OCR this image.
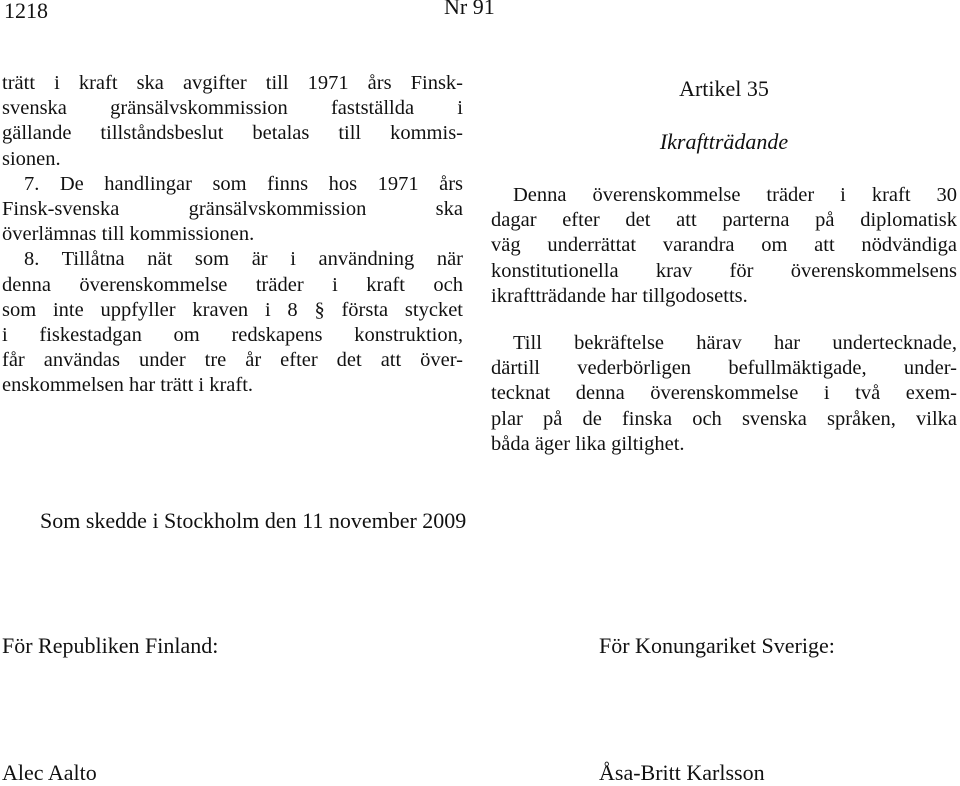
1218	Nr 91
trätt i kraft ska avgifter till 1971 års Finsk-
svenska gränsälvskommission fastställda i
gällande tillståndsbeslut betalas till kommis-
sionen.
7. De handlingar som finns hos 1971 års
Finsk-svenska gränsälvskommission ska
överlämnas till kommissionen.
8. Tillåtna nät som är i användning när
denna överenskommelse träder i kraft och
som inte uppfyller kraven i 8 § första stycket
i fiskestadgan om redskapens konstruktion,
får användas under tre år efter det att över-
enskommelsen har trätt i kraft.
Artikel 35
Ikraftträdande
Denna överenskommelse träder i kraft 30
dagar efter det att parterna på diplomatisk
väg underrättat varandra om att nödvändiga
konstitutionella krav för överenskommelsens
ikraftträdande har tillgodosetts.
Till bekräftelse härav har undertecknade,
därtill vederbörligen befullmäktigade, under-
tecknat denna överenskommelse i två exem-
plar på de finska och svenska språken, vilka
båda äger lika giltighet.
Som skedde i Stockholm den 11 november 2009
För Republiken Finland:	För Konungariket Sverige:
Alec Aalto	Åsa-Britt Karlsson
